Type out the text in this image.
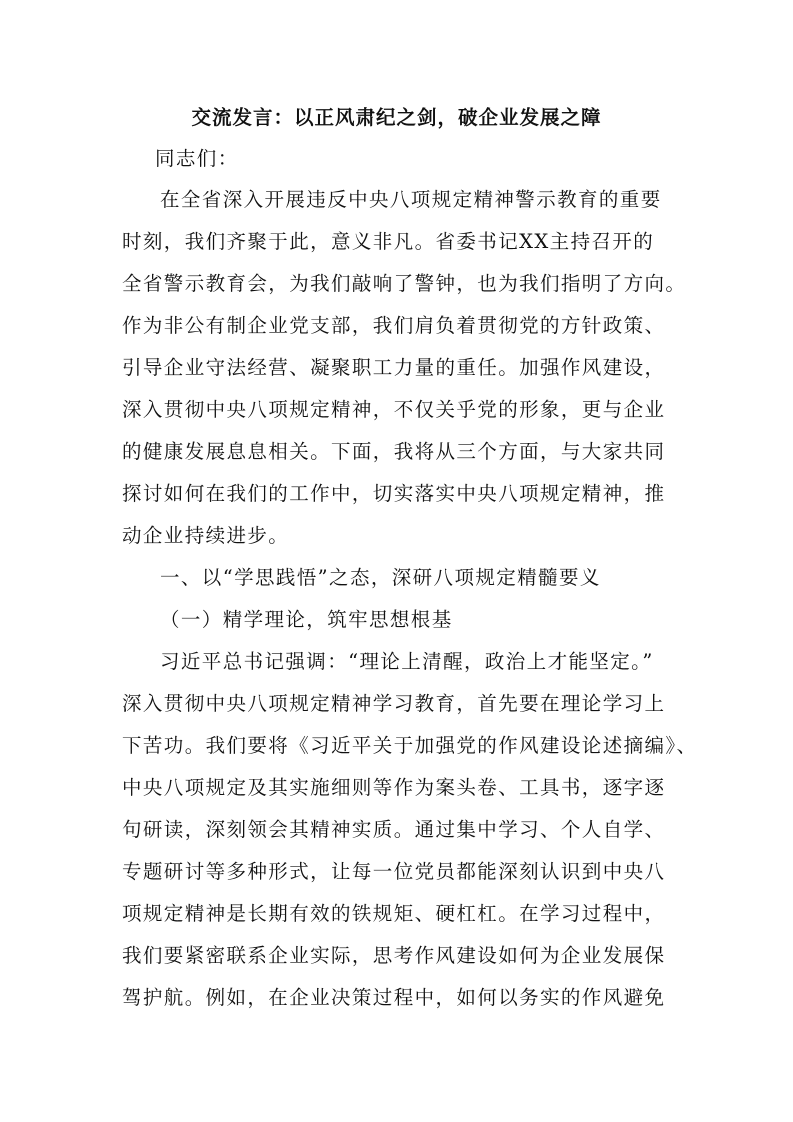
交流发言：以正风肃纪之剑，破企业发展之障
同志们：
在全省深入开展违反中央八项规定精神警示教育的重要
时刻，我们齐聚于此，意义非凡。省委书记XX主持召开的
全省警示教育会，为我们敲响了警钟，也为我们指明了方向。
作为非公有制企业党支部，我们肩负着贯彻党的方针政策、
引导企业守法经营、凝聚职工力量的重任。加强作风建设，
深入贯彻中央八项规定精神，不仅关乎党的形象，更与企业
的健康发展息息相关。下面，我将从三个方面，与大家共同
探讨如何在我们的工作中，切实落实中央八项规定精神，推
动企业持续进步。
一、以“学思践悟”之态，深研八项规定精髓要义
（一）精学理论，筑牢思想根基
习近平总书记强调：“理论上清醒，政治上才能坚定。”
深入贯彻中央八项规定精神学习教育，首先要在理论学习上
下苦功。我们要将《习近平关于加强党的作风建设论述摘编》、
中央八项规定及其实施细则等作为案头卷、工具书，逐字逐
句研读，深刻领会其精神实质。通过集中学习、个人自学、
专题研讨等多种形式，让每一位党员都能深刻认识到中央八
项规定精神是长期有效的铁规矩、硬杠杠。在学习过程中，
我们要紧密联系企业实际，思考作风建设如何为企业发展保
驾护航。例如，在企业决策过程中，如何以务实的作风避免
